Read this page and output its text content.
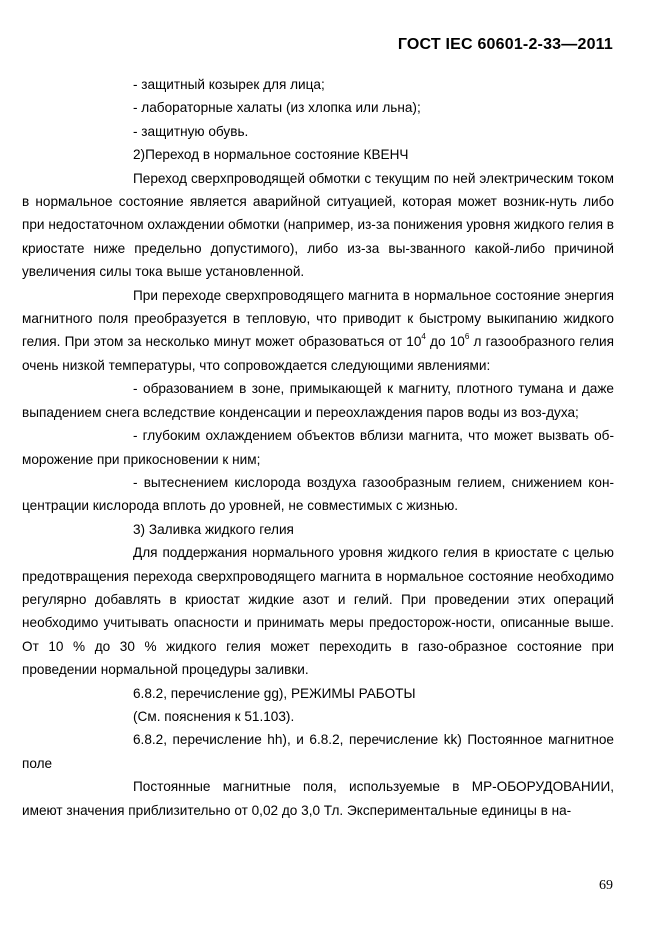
ГОСТ IEC 60601-2-33—2011

- защитный козырек для лица;

- лабораторные халаты (из хлопка или льна);

- защитную обувь.

2)Переход в нормальное состояние КВЕНЧ

Переход сверхпроводящей обмотки с текущим по ней электрическим током в нормальное состояние является аварийной ситуацией, которая может возник-нуть либо при недостаточном охлаждении обмотки (например, из-за понижения уровня жидкого гелия в криостате ниже предельно допустимого), либо из-за вы-званного какой-либо причиной увеличения силы тока выше установленной.

При переходе сверхпроводящего магнита в нормальное состояние энергия магнитного поля преобразуется в тепловую, что приводит к быстрому выкипанию жидкого гелия. При этом за несколько минут может образоваться от $10^4$ до $10^6$ л газообразного гелия очень низкой температуры, что сопровождается следующими явлениями:

- образованием в зоне, примыкающей к магниту, плотного тумана и даже выпадением снега вследствие конденсации и переохлаждения паров воды из воз-духа;

- глубоким охлаждением объектов вблизи магнита, что может вызвать об-морожение при прикосновении к ним;

- вытеснением кислорода воздуха газообразным гелием, снижением кон-центрации кислорода вплоть до уровней, не совместимых с жизнью.

3) Заливка жидкого гелия

Для поддержания нормального уровня жидкого гелия в криостате с целью предотвращения перехода сверхпроводящего магнита в нормальное состояние необходимо регулярно добавлять в криостат жидкие азот и гелий. При проведении этих операций необходимо учитывать опасности и принимать меры предосторож-ности, описанные выше. От 10 % до 30 % жидкого гелия может переходить в газо-образное состояние при проведении нормальной процедуры заливки.

6.8.2, перечисление gg), РЕЖИМЫ РАБОТЫ

(См. пояснения к 51.103).

6.8.2, перечисление hh), и 6.8.2, перечисление kk) Постоянное магнитное поле

Постоянные магнитные поля, используемые в МР-ОБОРУДОВАНИИ, имеют значения приблизительно от 0,02 до 3,0 Тл. Экспериментальные единицы в на-

69
